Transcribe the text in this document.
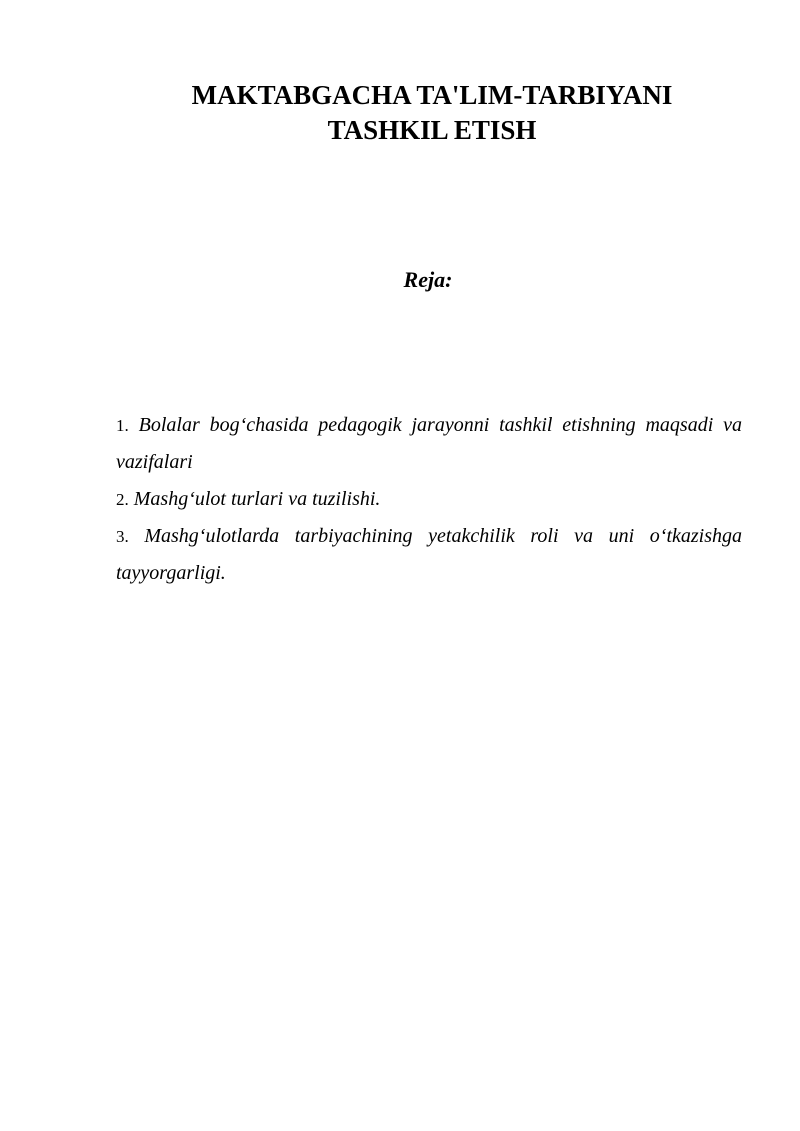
MAKTABGACHA TA'LIM-TARBIYANI
TASHKIL ETISH
Reja:
1. Bolalar bog‘chasida pedagogik jarayonni tashkil etishning maqsadi va vazifalari
2. Mashg‘ulot turlari va tuzilishi.
3. Mashg‘ulotlarda tarbiyachining yetakchilik roli va uni o‘tkazishga tayyorgarligi.
